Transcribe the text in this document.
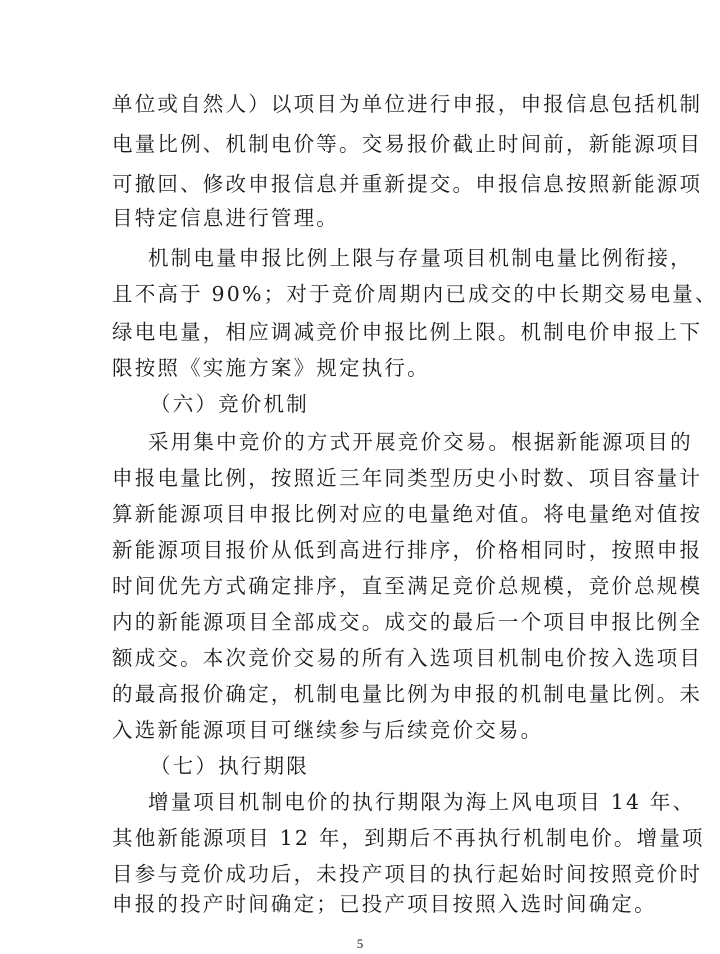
单位或自然人）以项目为单位进行申报，申报信息包括机制
电量比例、机制电价等。交易报价截止时间前，新能源项目
可撤回、修改申报信息并重新提交。申报信息按照新能源项
目特定信息进行管理。
机制电量申报比例上限与存量项目机制电量比例衔接，
且不高于 90%；对于竞价周期内已成交的中长期交易电量、
绿电电量，相应调减竞价申报比例上限。机制电价申报上下
限按照《实施方案》规定执行。
（六）竞价机制
采用集中竞价的方式开展竞价交易。根据新能源项目的
申报电量比例，按照近三年同类型历史小时数、项目容量计
算新能源项目申报比例对应的电量绝对值。将电量绝对值按
新能源项目报价从低到高进行排序，价格相同时，按照申报
时间优先方式确定排序，直至满足竞价总规模，竞价总规模
内的新能源项目全部成交。成交的最后一个项目申报比例全
额成交。本次竞价交易的所有入选项目机制电价按入选项目
的最高报价确定，机制电量比例为申报的机制电量比例。未
入选新能源项目可继续参与后续竞价交易。
（七）执行期限
增量项目机制电价的执行期限为海上风电项目 14 年、
其他新能源项目 12 年，到期后不再执行机制电价。增量项
目参与竞价成功后，未投产项目的执行起始时间按照竞价时
申报的投产时间确定；已投产项目按照入选时间确定。
5
